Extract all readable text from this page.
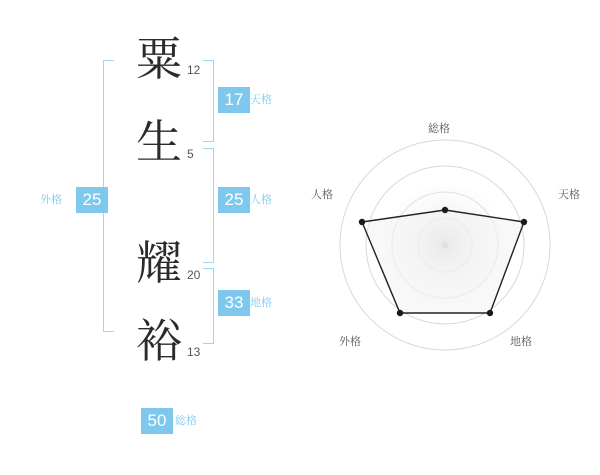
25
外格
粟 12
生 5
耀 20
裕 13
17 天格
25 人格
33 地格
50 総格
総格
天格
地格
外格
人格
